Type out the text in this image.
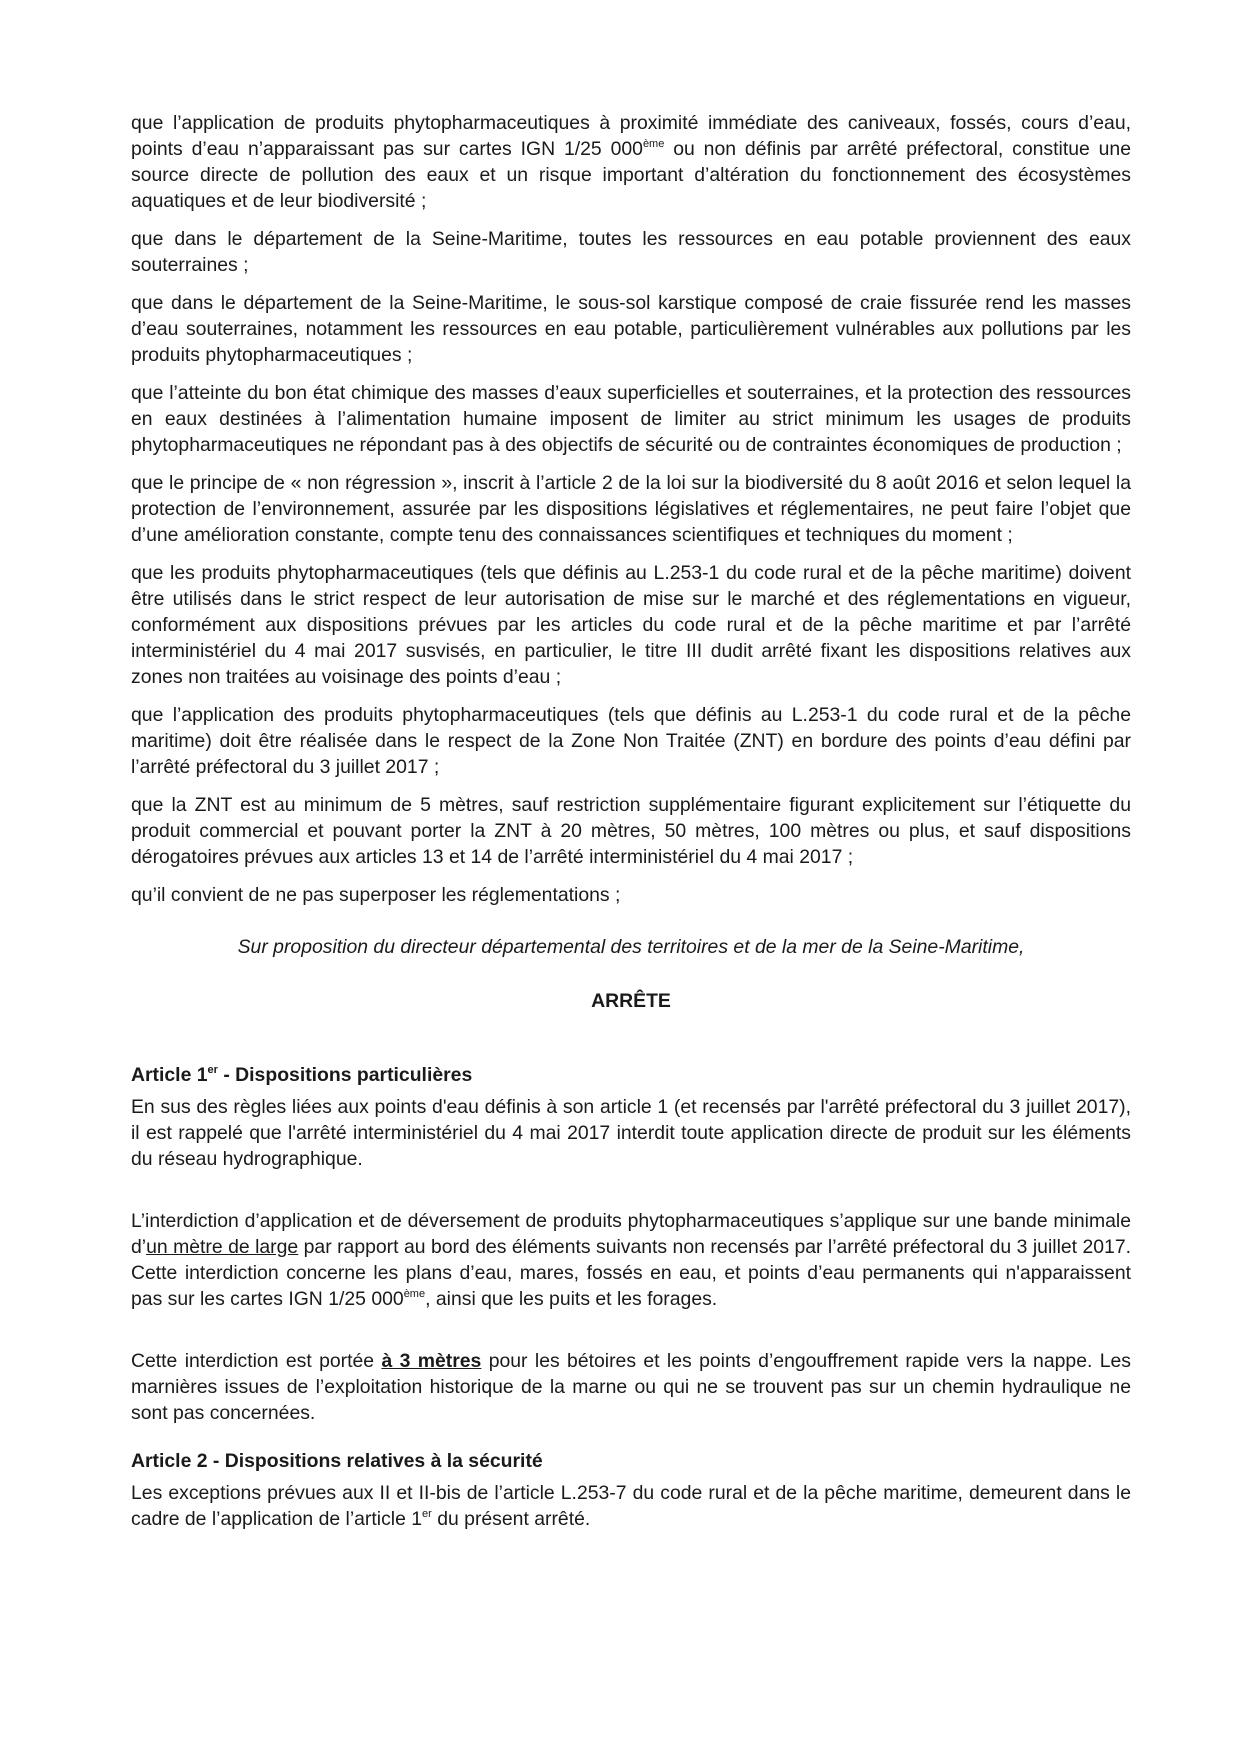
que l’application de produits phytopharmaceutiques à proximité immédiate des caniveaux, fossés, cours d’eau, points d’eau n’apparaissant pas sur cartes IGN 1/25 000ème ou non définis par arrêté préfectoral, constitue une source directe de pollution des eaux et un risque important d’altération du fonctionnement des écosystèmes aquatiques et de leur biodiversité ;

que dans le département de la Seine-Maritime, toutes les ressources en eau potable proviennent des eaux souterraines ;

que dans le département de la Seine-Maritime, le sous-sol karstique composé de craie fissurée rend les masses d’eau souterraines, notamment les ressources en eau potable, particulièrement vulnérables aux pollutions par les produits phytopharmaceutiques ;

que l’atteinte du bon état chimique des masses d’eaux superficielles et souterraines, et la protection des ressources en eaux destinées à l’alimentation humaine imposent de limiter au strict minimum les usages de produits phytopharmaceutiques ne répondant pas à des objectifs de sécurité ou de contraintes économiques de production ;

que le principe de « non régression », inscrit à l’article 2 de la loi sur la biodiversité du 8 août 2016 et selon lequel la protection de l’environnement, assurée par les dispositions législatives et réglementaires, ne peut faire l’objet que d’une amélioration constante, compte tenu des connaissances scientifiques et techniques du moment ;

que les produits phytopharmaceutiques (tels que définis au L.253-1 du code rural et de la pêche maritime) doivent être utilisés dans le strict respect de leur autorisation de mise sur le marché et des réglementations en vigueur, conformément aux dispositions prévues par les articles du code rural et de la pêche maritime et par l’arrêté interministériel du 4 mai 2017 susvisés, en particulier, le titre III dudit arrêté fixant les dispositions relatives aux zones non traitées au voisinage des points d’eau ;

que l’application des produits phytopharmaceutiques (tels que définis au L.253-1 du code rural et de la pêche maritime) doit être réalisée dans le respect de la Zone Non Traitée (ZNT) en bordure des points d’eau défini par l’arrêté préfectoral du 3 juillet 2017 ;

que la ZNT est au minimum de 5 mètres, sauf restriction supplémentaire figurant explicitement sur l’étiquette du produit commercial et pouvant porter la ZNT à 20 mètres, 50 mètres, 100 mètres ou plus, et sauf dispositions dérogatoires prévues aux articles 13 et 14 de l’arrêté interministériel du 4 mai 2017 ;

qu’il convient de ne pas superposer les réglementations ;

Sur proposition du directeur départemental des territoires et de la mer de la Seine-Maritime,

ARRÊTE

Article 1er - Dispositions particulières

En sus des règles liées aux points d'eau définis à son article 1 (et recensés par l'arrêté préfectoral du 3 juillet 2017), il est rappelé que l'arrêté interministériel du 4 mai 2017 interdit toute application directe de produit sur les éléments du réseau hydrographique.

L’interdiction d’application et de déversement de produits phytopharmaceutiques s’applique sur une bande minimale d’un mètre de large par rapport au bord des éléments suivants non recensés par l’arrêté préfectoral du 3 juillet 2017. Cette interdiction concerne les plans d’eau, mares, fossés en eau, et points d’eau permanents qui n'apparaissent pas sur les cartes IGN 1/25 000ème, ainsi que les puits et les forages.

Cette interdiction est portée à 3 mètres pour les bétoires et les points d’engouffrement rapide vers la nappe. Les marnières issues de l’exploitation historique de la marne ou qui ne se trouvent pas sur un chemin hydraulique ne sont pas concernées.

Article 2 - Dispositions relatives à la sécurité

Les exceptions prévues aux II et II-bis de l’article L.253-7 du code rural et de la pêche maritime, demeurent dans le cadre de l’application de l’article 1er du présent arrêté.
